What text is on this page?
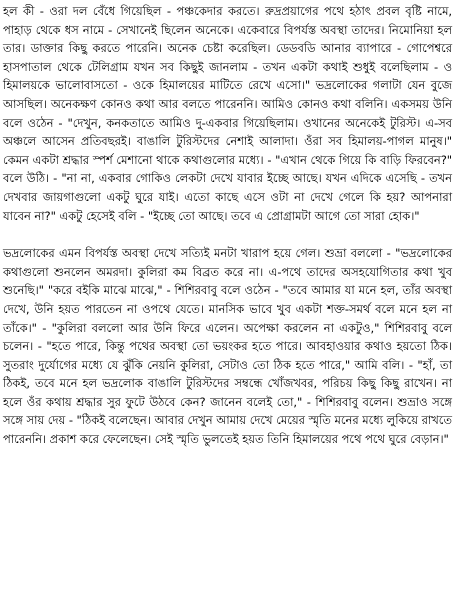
হল কী - ওরা দল বেঁধে গিয়েছিল - পঞ্চকেদার করতে। রুদ্রপ্রয়াগের পথে হঠাৎ প্রবল বৃষ্টি নামে, পাহাড় থেকে ধস নামে - সেখানেই ছিলেন অনেকে। একেবারে বিপর্যস্ত অবস্থা তাদের। নিমোনিয়া হল তার। ডাক্তার কিছু করতে পারেনি। অনেক চেষ্টা করেছিল। ডেডবডি আনার ব্যাপারে - গোপেশ্বরে হাসপাতাল থেকে টেলিগ্রাম যখন সব কিছুই জানলাম - তখন একটা কথাই শুধুই বলেছিলাম - ও হিমালয়কে ভালোবাসতো - ওকে হিমালয়ের মাটিতে রেখে এসো।" ভদ্রলোকের গলাটা যেন বুজে আসছিল। অনেকক্ষণ কোনও কথা আর বলতে পারেননি। আমিও কোনও কথা বলিনি। একসময় উনি বলে ওঠেন - "দেখুন, কনকতাতে আমিও দু-একবার গিয়েছিলাম। ওখানের অনেকেই টুরিস্ট। এ-সব অঞ্চলে আসেন প্রতিবছরই। বাঙালি টুরিস্টদের নেশাই আলাদা। ওঁরা সব হিমালয়-পাগল মানুষ।" কেমন একটা শ্রদ্ধার স্পর্শ মেশানো থাকে কথাগুলোর মধ্যে। - "এখান থেকে গিয়ে কি বাড়ি ফিরবেন?" বলে উঠি। - "না না, একবার গোকিও লেকটা দেখে যাবার ইচ্ছে আছে। যখন এদিকে এসেছি - তখন দেখবার জায়গাগুলো একটু ঘুরে যাই। এতো কাছে এসে ওটা না দেখে গেলে কি হয়? আপনারা যাবেন না?" একটু হেসেই বলি - "ইচ্ছে তো আছে। তবে এ প্রোগ্রামটা আগে তো সারা হোক।"

ভদ্রলোকের এমন বিপর্যস্ত অবস্থা দেখে সত্যিই মনটা খারাপ হয়ে গেল। শুভ্রা বললো - "ভদ্রলোকের কথাগুলো শুনলেন অমরদা। কুলিরা কম বিব্রত করে না। এ-পথে তাদের অসহযোগিতার কথা খুব শুনেছি।" "করে বইকি মাঝে মাঝে," - শিশিরবাবু বলে ওঠেন - "তবে আমার যা মনে হল, তাঁর অবস্থা দেখে, উনি হয়ত পারতেন না ওপথে যেতে। মানসিক ভাবে খুব একটা শক্ত-সমর্থ বলে মনে হল না তাঁকে।" - "কুলিরা বললো আর উনি ফিরে এলেন। অপেক্ষা করলেন না একটুও," শিশিরবাবু বলে চলেন। - "হতে পারে, কিন্তু পথের অবস্থা তো ভয়ংকর হতে পারে। আবহাওয়ার কথাও হয়তো ঠিক। সুতরাং দুর্যোগের মধ্যে যে ঝুঁকি নেয়নি কুলিরা, সেটাও তো ঠিক হতে পারে," আমি বলি। - "হাঁ, তা ঠিকই, তবে মনে হল ভদ্রলোক বাঙালি টুরিস্টদের সম্বন্ধে খোঁজখবর, পরিচয় কিছু কিছু রাখেন। না হলে ওঁর কথায় শ্রদ্ধার সুর ফুটে উঠবে কেন? জানেন বলেই তো," - শিশিরবাবু বলেন। শুভ্রাও সঙ্গে সঙ্গে সায় দেয় - "ঠিকই বলেছেন। আবার দেখুন আমায় দেখে মেয়ের স্মৃতি মনের মধ্যে লুকিয়ে রাখতে পারেননি। প্রকাশ করে ফেলেছেন। সেই স্মৃতি ভুলতেই হয়ত তিনি হিমালয়ের পথে পথে ঘুরে বেড়ান।"
